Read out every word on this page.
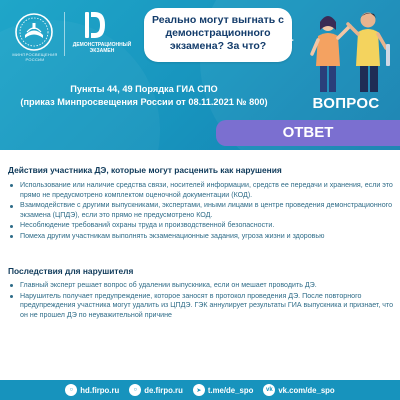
МИНПРОСВЕЩЕНИЯ РОССИИ
ДЕМОНСТРАЦИОННЫЙ ЭКЗАМЕН
Реально могут выгнать с демонстрационного экзамена? За что?
Пункты 44, 49 Порядка ГИА СПО
(приказ Минпросвещения России от 08.11.2021 № 800)	ВОПРОС
ОТВЕТ
Действия участника ДЭ, которые могут расценить как нарушения
Использование или наличие средства связи, носителей информации, средств ее передачи и хранения, если это прямо не предусмотрено комплектом оценочной документации (КОД).
Взаимодействие с другими выпускниками, экспертами, иными лицами в центре проведения демонстрационного экзамена (ЦПДЭ), если это прямо не предусмотрено КОД.
Несоблюдение требований охраны труда и производственной безопасности.
Помеха другим участникам выполнять экзаменационные задания, угроза жизни и здоровью
Последствия для нарушителя
Главный эксперт решает вопрос об удалении выпускника, если он мешает проводить ДЭ.
Нарушитель получает предупреждение, которое заносят в протокол проведения ДЭ. После повторного предупреждения участника могут удалить из ЦПДЭ. ГЭК аннулирует результаты ГИА выпускника и признает, что он не прошел ДЭ по неуважительной причине
○ hd.firpo.ru	○ de.firpo.ru	➤ t.me/de_spo	vk vk.com/de_spo
